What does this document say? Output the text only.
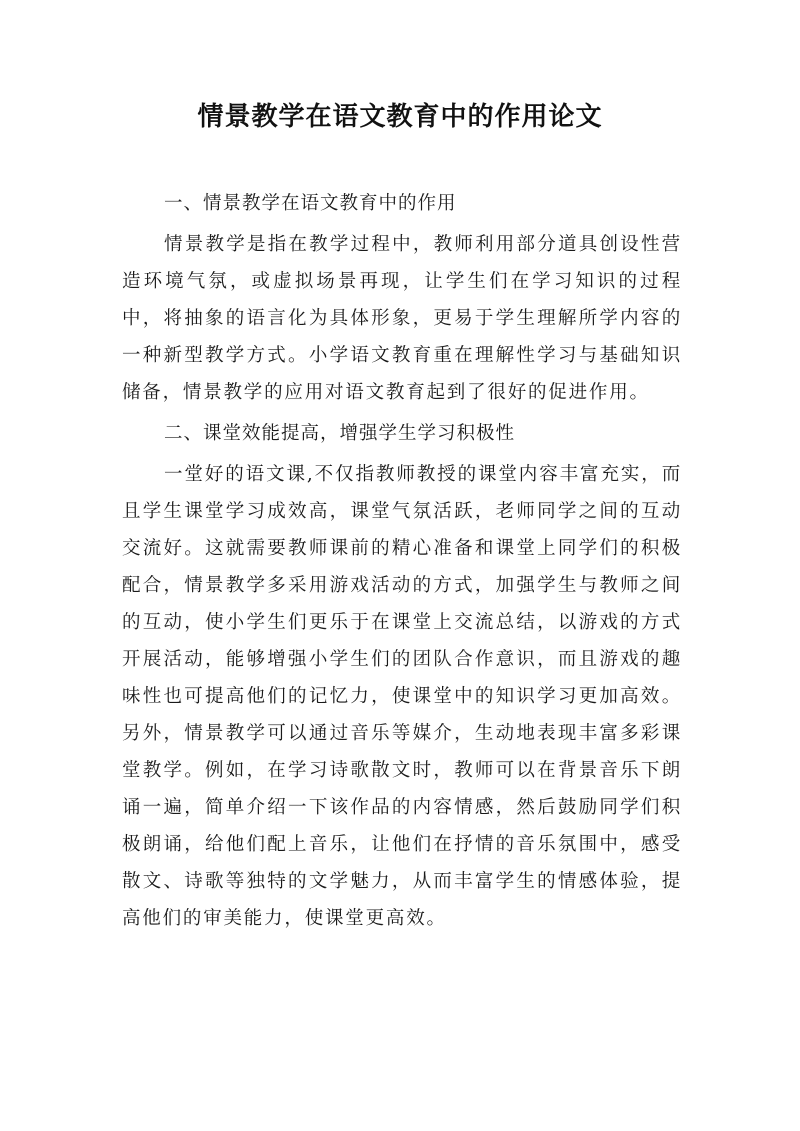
情景教学在语文教育中的作用论文
一、情景教学在语文教育中的作用
情景教学是指在教学过程中，教师利用部分道具创设性营造环境气氛，或虚拟场景再现，让学生们在学习知识的过程中，将抽象的语言化为具体形象，更易于学生理解所学内容的一种新型教学方式。小学语文教育重在理解性学习与基础知识储备，情景教学的应用对语文教育起到了很好的促进作用。
二、课堂效能提高，增强学生学习积极性
一堂好的语文课,不仅指教师教授的课堂内容丰富充实，而且学生课堂学习成效高，课堂气氛活跃，老师同学之间的互动交流好。这就需要教师课前的精心准备和课堂上同学们的积极配合，情景教学多采用游戏活动的方式，加强学生与教师之间的互动，使小学生们更乐于在课堂上交流总结，以游戏的方式开展活动，能够增强小学生们的团队合作意识，而且游戏的趣味性也可提高他们的记忆力，使课堂中的知识学习更加高效。另外，情景教学可以通过音乐等媒介，生动地表现丰富多彩课堂教学。例如，在学习诗歌散文时，教师可以在背景音乐下朗诵一遍，简单介绍一下该作品的内容情感，然后鼓励同学们积极朗诵，给他们配上音乐，让他们在抒情的音乐氛围中，感受散文、诗歌等独特的文学魅力，从而丰富学生的情感体验，提高他们的审美能力，使课堂更高效。
